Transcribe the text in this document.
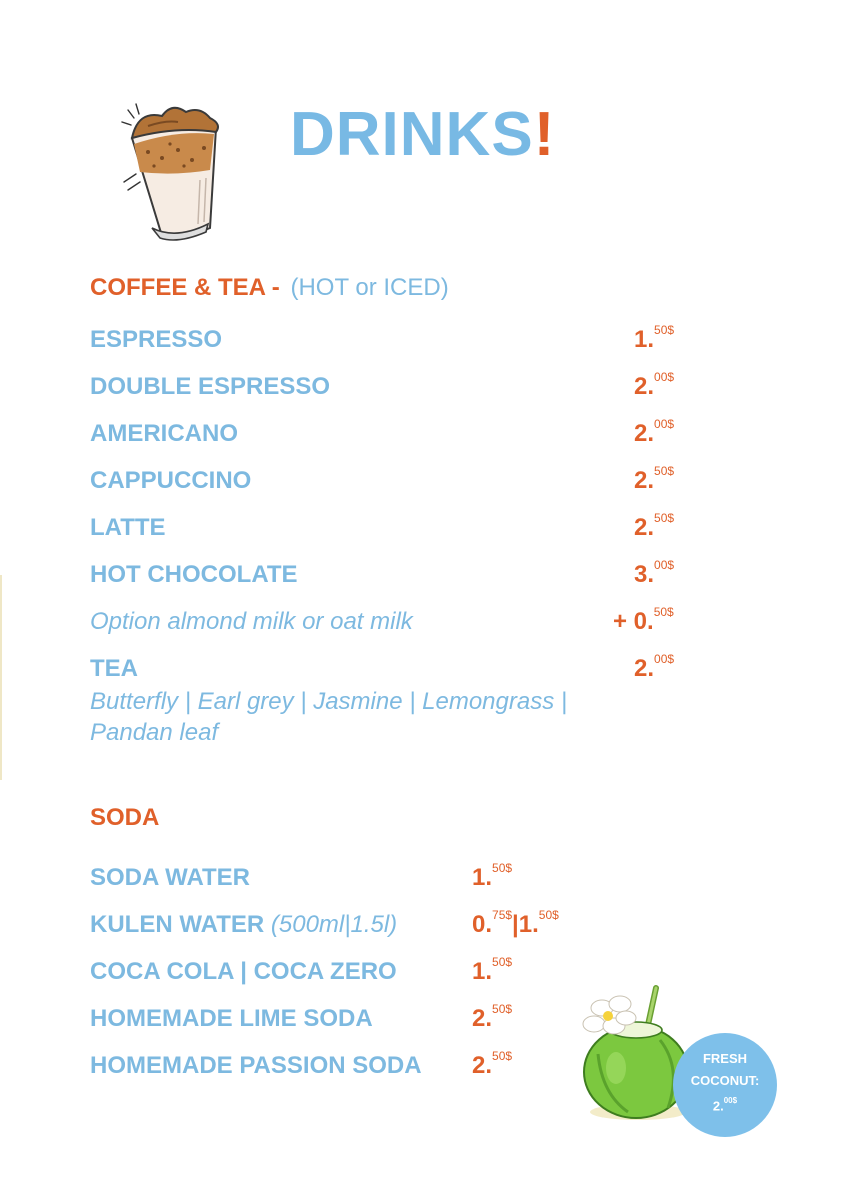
DRINKS!
COFFEE & TEA - (HOT or ICED)
ESPRESSO	1.$^{50\$}$
DOUBLE ESPRESSO	2.$^{00\$}$
AMERICANO	2.$^{00\$}$
CAPPUCCINO	2.$^{50\$}$
LATTE	2.$^{50\$}$
HOT CHOCOLATE	3.$^{00\$}$
Option almond milk or oat milk	+ 0.$^{50\$}$
TEA	2.$^{00\$}$
Butterfly | Earl grey | Jasmine | Lemongrass | Pandan leaf
SODA
SODA WATER	1.$^{50\$}$
KULEN WATER (500ml|1.5l)	0.$^{75\$}$|1.$^{50\$}$
COCA COLA | COCA ZERO	1.$^{50\$}$
HOMEMADE LIME SODA	2.$^{50\$}$
HOMEMADE PASSION SODA 2.$^{50\$}$	FRESH
COCONUT:
2.$^{00\$}$
